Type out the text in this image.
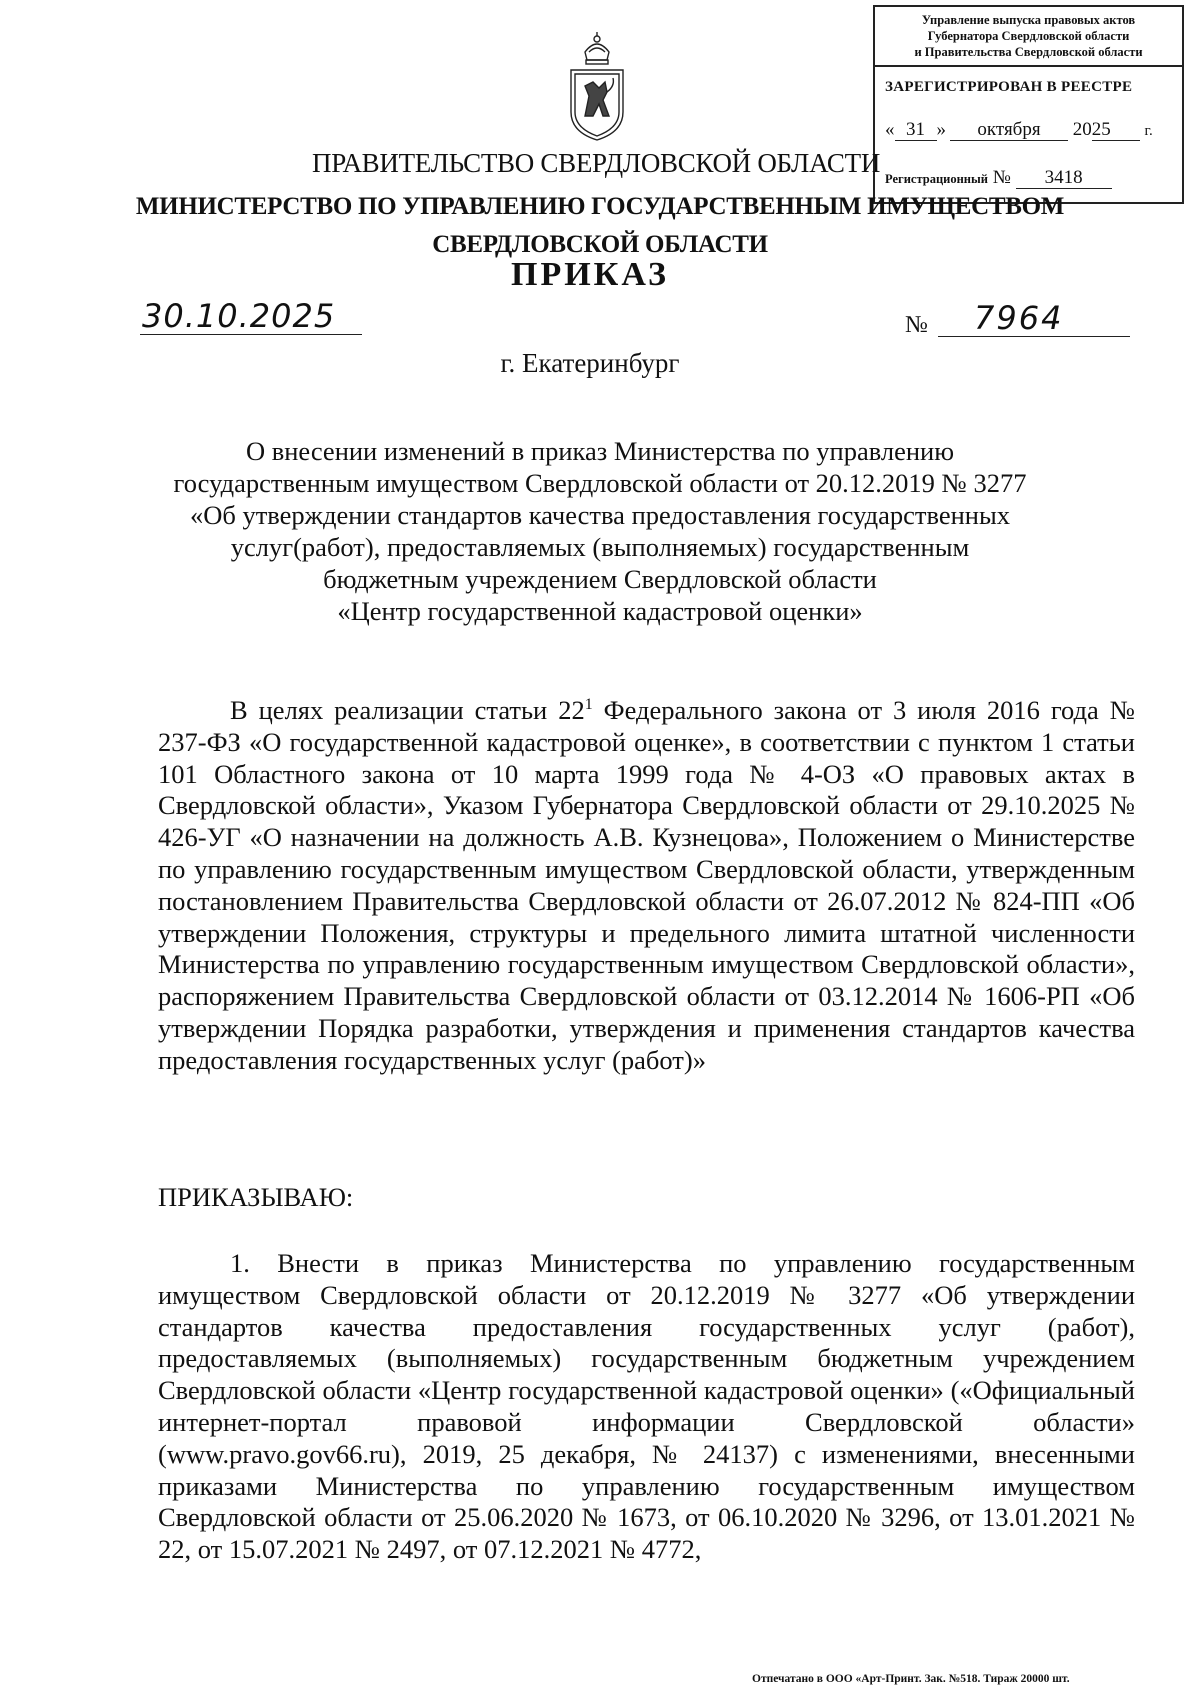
Управление выпуска правовых актов
Губернатора Свердловской области
и Правительства Свердловской области
ЗАРЕГИСТРИРОВАН В РЕЕСТРЕ
« 31 » октября 2025 г.
Регистрационный № 3418
ПРАВИТЕЛЬСТВО СВЕРДЛОВСКОЙ ОБЛАСТИ
МИНИСТЕРСТВО ПО УПРАВЛЕНИЮ ГОСУДАРСТВЕННЫМ ИМУЩЕСТВОМ
СВЕРДЛОВСКОЙ ОБЛАСТИ
ПРИКАЗ
30.10.2025	№	7964
г. Екатеринбург
О внесении изменений в приказ Министерства по управлению
государственным имуществом Свердловской области от 20.12.2019 № 3277
«Об утверждении стандартов качества предоставления государственных
услуг(работ), предоставляемых (выполняемых) государственным
бюджетным учреждением Свердловской области
«Центр государственной кадастровой оценки»
В целях реализации статьи $22^1$ Федерального закона от 3 июля 2016 года № 237-ФЗ «О государственной кадастровой оценке», в соответствии с пунктом 1 статьи 101 Областного закона от 10 марта 1999 года № 4-ОЗ «О правовых актах в Свердловской области», Указом Губернатора Свердловской области от 29.10.2025 № 426-УГ «О назначении на должность А.В. Кузнецова», Положением о Министерстве по управлению государственным имуществом Свердловской области, утвержденным постановлением Правительства Свердловской области от 26.07.2012 № 824-ПП «Об утверждении Положения, структуры и предельного лимита штатной численности Министерства по управлению государственным имуществом Свердловской области», распоряжением Правительства Свердловской области от 03.12.2014 № 1606-РП «Об утверждении Порядка разработки, утверждения и применения стандартов качества предоставления государственных услуг (работ)»
ПРИКАЗЫВАЮ:
1. Внести в приказ Министерства по управлению государственным имуществом Свердловской области от 20.12.2019 № 3277 «Об утверждении стандартов качества предоставления государственных услуг (работ), предоставляемых (выполняемых) государственным бюджетным учреждением Свердловской области «Центр государственной кадастровой оценки» («Официальный интернет-портал правовой информации Свердловской области» (www.pravo.gov66.ru), 2019, 25 декабря, № 24137) с изменениями, внесенными приказами Министерства по управлению государственным имуществом Свердловской области от 25.06.2020 № 1673, от 06.10.2020 № 3296, от 13.01.2021 № 22, от 15.07.2021 № 2497, от 07.12.2021 № 4772,
Отпечатано в ООО «Арт-Принт. Зак. №518. Тираж 20000 шт.
